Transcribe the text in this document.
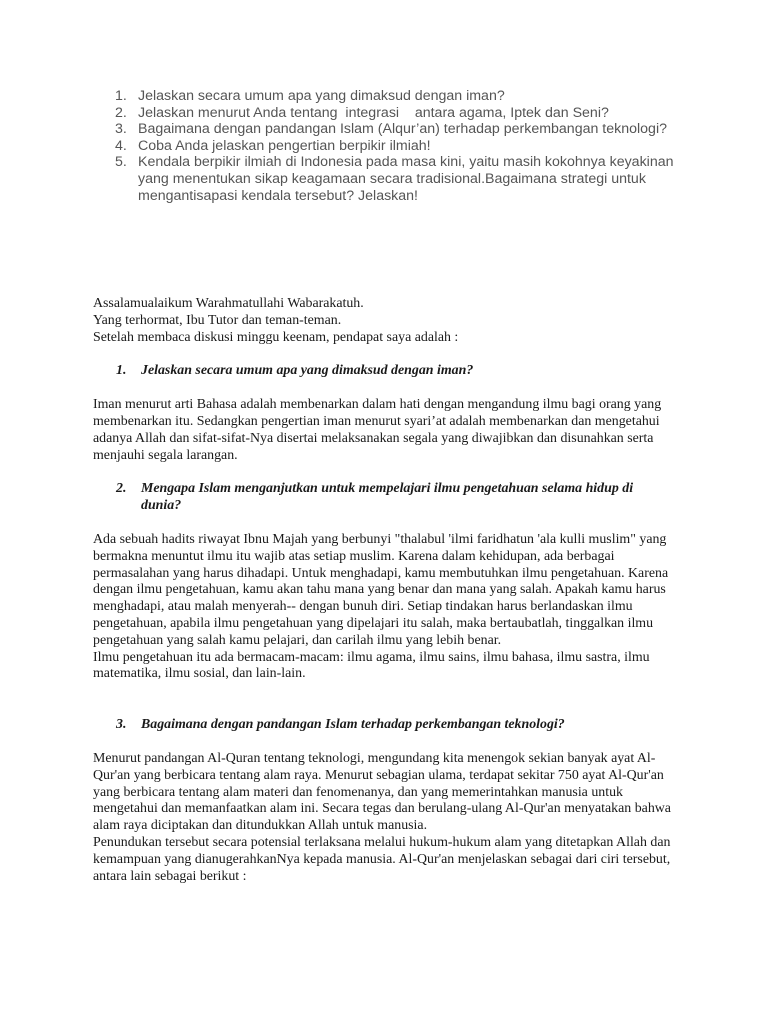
1. Jelaskan secara umum apa yang dimaksud dengan iman?
2. Jelaskan menurut Anda tentang  integrasi    antara agama, Iptek dan Seni?
3. Bagaimana dengan pandangan Islam (Alqur’an) terhadap perkembangan teknologi?
4. Coba Anda jelaskan pengertian berpikir ilmiah!
5. Kendala berpikir ilmiah di Indonesia pada masa kini, yaitu masih kokohnya keyakinan yang menentukan sikap keagamaan secara tradisional.Bagaimana strategi untuk mengantisapasi kendala tersebut? Jelaskan!

Assalamualaikum Warahmatullahi Wabarakatuh.

Yang terhormat, Ibu Tutor dan teman-teman.

Setelah membaca diskusi minggu keenam, pendapat saya adalah :

1. Jelaskan secara umum apa yang dimaksud dengan iman?

Iman menurut arti Bahasa adalah membenarkan dalam hati dengan mengandung ilmu bagi orang yang membenarkan itu. Sedangkan pengertian iman menurut syari’at adalah membenarkan dan mengetahui adanya Allah dan sifat-sifat-Nya disertai melaksanakan segala yang diwajibkan dan disunahkan serta menjauhi segala larangan.

2. Mengapa Islam menganjutkan untuk mempelajari ilmu pengetahuan selama hidup di dunia?

Ada sebuah hadits riwayat Ibnu Majah yang berbunyi "thalabul 'ilmi faridhatun 'ala kulli muslim" yang bermakna menuntut ilmu itu wajib atas setiap muslim. Karena dalam kehidupan, ada berbagai permasalahan yang harus dihadapi. Untuk menghadapi, kamu membutuhkan ilmu pengetahuan. Karena dengan ilmu pengetahuan, kamu akan tahu mana yang benar dan mana yang salah. Apakah kamu harus menghadapi, atau malah menyerah-- dengan bunuh diri. Setiap tindakan harus berlandaskan ilmu pengetahuan, apabila ilmu pengetahuan yang dipelajari itu salah, maka bertaubatlah, tinggalkan ilmu pengetahuan yang salah kamu pelajari, dan carilah ilmu yang lebih benar.

Ilmu pengetahuan itu ada bermacam-macam: ilmu agama, ilmu sains, ilmu bahasa, ilmu sastra, ilmu matematika, ilmu sosial, dan lain-lain.

3. Bagaimana dengan pandangan Islam terhadap perkembangan teknologi?

Menurut pandangan Al-Quran tentang teknologi, mengundang kita menengok sekian banyak ayat Al-Qur'an yang berbicara tentang alam raya. Menurut sebagian ulama, terdapat sekitar 750 ayat Al-Qur'an yang berbicara tentang alam materi dan fenomenanya, dan yang memerintahkan manusia untuk mengetahui dan memanfaatkan alam ini. Secara tegas dan berulang-ulang Al-Qur'an menyatakan bahwa alam raya diciptakan dan ditundukkan Allah untuk manusia.

Penundukan tersebut secara potensial terlaksana melalui hukum-hukum alam yang ditetapkan Allah dan kemampuan yang dianugerahkanNya kepada manusia. Al-Qur'an menjelaskan sebagai dari ciri tersebut, antara lain sebagai berikut :
